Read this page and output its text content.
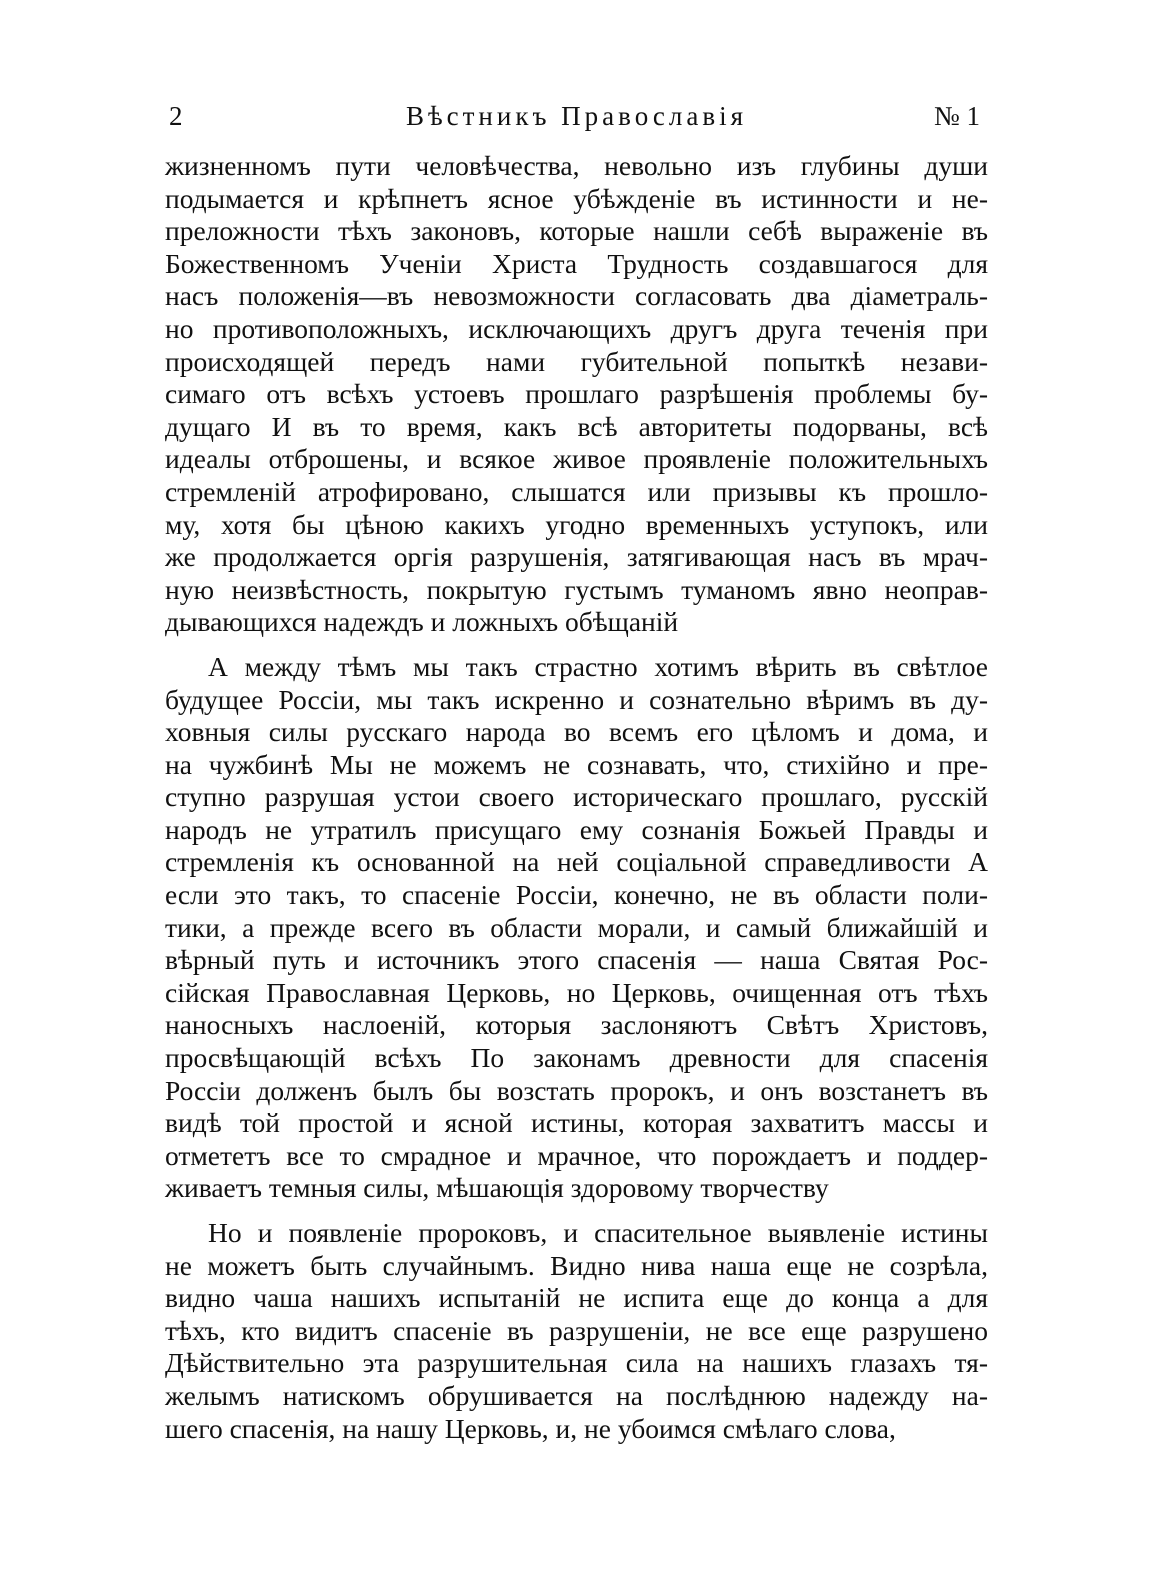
2	Вѣстникъ Православія	№ 1
жизненномъ пути человѣчества, невольно изъ глубины души
подымается и крѣпнетъ ясное убѣжденіе въ истинности и не-
преложности тѣхъ законовъ, которые нашли себѣ выраженіе въ
Божественномъ Ученіи Христа Трудность создавшагося для
насъ положенія—въ невозможности согласовать два діаметраль-
но противоположныхъ, исключающихъ другъ друга теченія при
происходящей передъ нами губительной попыткѣ незави-
симаго отъ всѣхъ устоевъ прошлаго разрѣшенія проблемы бу-
дущаго И въ то время, какъ всѣ авторитеты подорваны, всѣ
идеалы отброшены, и всякое живое проявленіе положительныхъ
стремленій атрофировано, слышатся или призывы къ прошло-
му, хотя бы цѣною какихъ угодно временныхъ уступокъ, или
же продолжается оргія разрушенія, затягивающая насъ въ мрач-
ную неизвѣстность, покрытую густымъ туманомъ явно неоправ-
дывающихся надеждъ и ложныхъ обѣщаній
А между тѣмъ мы такъ страстно хотимъ вѣрить въ свѣтлое
будущее Россіи, мы такъ искренно и сознательно вѣримъ въ ду-
ховныя силы русскаго народа во всемъ его цѣломъ и дома, и
на чужбинѣ Мы не можемъ не сознавать, что, стихійно и пре-
ступно разрушая устои своего историческаго прошлаго, русскій
народъ не утратилъ присущаго ему сознанія Божьей Правды и
стремленія къ основанной на ней соціальной справедливости А
если это такъ, то спасеніе Россіи, конечно, не въ области поли-
тики, а прежде всего въ области морали, и самый ближайшій и
вѣрный путь и источникъ этого спасенія — наша Святая Рос-
сійская Православная Церковь, но Церковь, очищенная отъ тѣхъ
наносныхъ наслоеній, которыя заслоняютъ Свѣтъ Христовъ,
просвѣщающій всѣхъ По законамъ древности для спасенія
Россіи долженъ былъ бы возстать пророкъ, и онъ возстанетъ въ
видѣ той простой и ясной истины, которая захватитъ массы и
отмететъ все то смрадное и мрачное, что порождаетъ и поддер-
живаетъ темныя силы, мѣшающія здоровому творчеству
Но и появленіе пророковъ, и спасительное выявленіе истины
не можетъ быть случайнымъ. Видно нива наша еще не созрѣла,
видно чаша нашихъ испытаній не испита еще до конца а для
тѣхъ, кто видитъ спасеніе въ разрушеніи, не все еще разрушено
Дѣйствительно эта разрушительная сила на нашихъ глазахъ тя-
желымъ натискомъ обрушивается на послѣднюю надежду на-
шего спасенія, на нашу Церковь, и, не убоимся смѣлаго слова,
